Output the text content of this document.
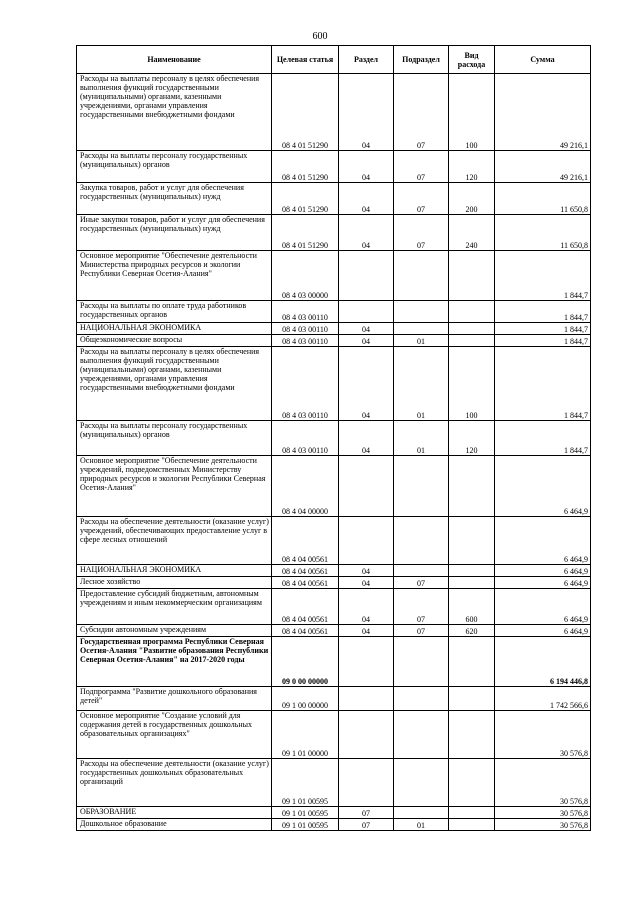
600
Наименование	Целевая статья	Раздел	Подраздел	Вид расхода	Сумма
Расходы на выплаты персоналу в целях обеспечения выполнения функций государственными (муниципальными) органами, казенными учреждениями, органами управления государственными внебюджетными фондами	08 4 01 51290	04	07	100	49 216,1
Расходы на выплаты персоналу государственных (муниципальных) органов	08 4 01 51290	04	07	120	49 216,1
Закупка товаров, работ и услуг для обеспечения государственных (муниципальных) нужд	08 4 01 51290	04	07	200	11 650,8
Иные закупки товаров, работ и услуг для обеспечения государственных (муниципальных) нужд	08 4 01 51290	04	07	240	11 650,8
Основное мероприятие "Обеспечение деятельности Министерства природных ресурсов и экологии Республики Северная Осетия-Алания"	08 4 03 00000				1 844,7
Расходы на выплаты по оплате труда работников государственных органов	08 4 03 00110				1 844,7
НАЦИОНАЛЬНАЯ ЭКОНОМИКА	08 4 03 00110	04			1 844,7
Общеэкономические вопросы	08 4 03 00110	04	01		1 844,7
Расходы на выплаты персоналу в целях обеспечения выполнения функций государственными (муниципальными) органами, казенными учреждениями, органами управления государственными внебюджетными фондами	08 4 03 00110	04	01	100	1 844,7
Расходы на выплаты персоналу государственных (муниципальных) органов	08 4 03 00110	04	01	120	1 844,7
Основное мероприятие "Обеспечение деятельности учреждений, подведомственных Министерству природных ресурсов и экологии Республики Северная Осетия-Алания"	08 4 04 00000				6 464,9
Расходы на обеспечение деятельности (оказание услуг) учреждений, обеспечивающих предоставление услуг в сфере лесных отношений	08 4 04 00561				6 464,9
НАЦИОНАЛЬНАЯ ЭКОНОМИКА	08 4 04 00561	04			6 464,9
Лесное хозяйство	08 4 04 00561	04	07		6 464,9
Предоставление субсидий бюджетным, автономным учреждениям и иным некоммерческим организациям	08 4 04 00561	04	07	600	6 464,9
Субсидии автономным учреждениям	08 4 04 00561	04	07	620	6 464,9
Государственная программа Республики Северная Осетия-Алания "Развитие образования Республики Северная Осетия-Алания" на 2017-2020 годы	09 0 00 00000				6 194 446,8
Подпрограмма "Развитие дошкольного образования детей"	09 1 00 00000				1 742 566,6
Основное мероприятие "Создание условий для содержания детей в государственных дошкольных образовательных организациях"	09 1 01 00000				30 576,8
Расходы на обеспечение деятельности (оказание услуг) государственных дошкольных образовательных организаций	09 1 01 00595				30 576,8
ОБРАЗОВАНИЕ	09 1 01 00595	07			30 576,8
Дошкольное образование	09 1 01 00595	07	01		30 576,8
